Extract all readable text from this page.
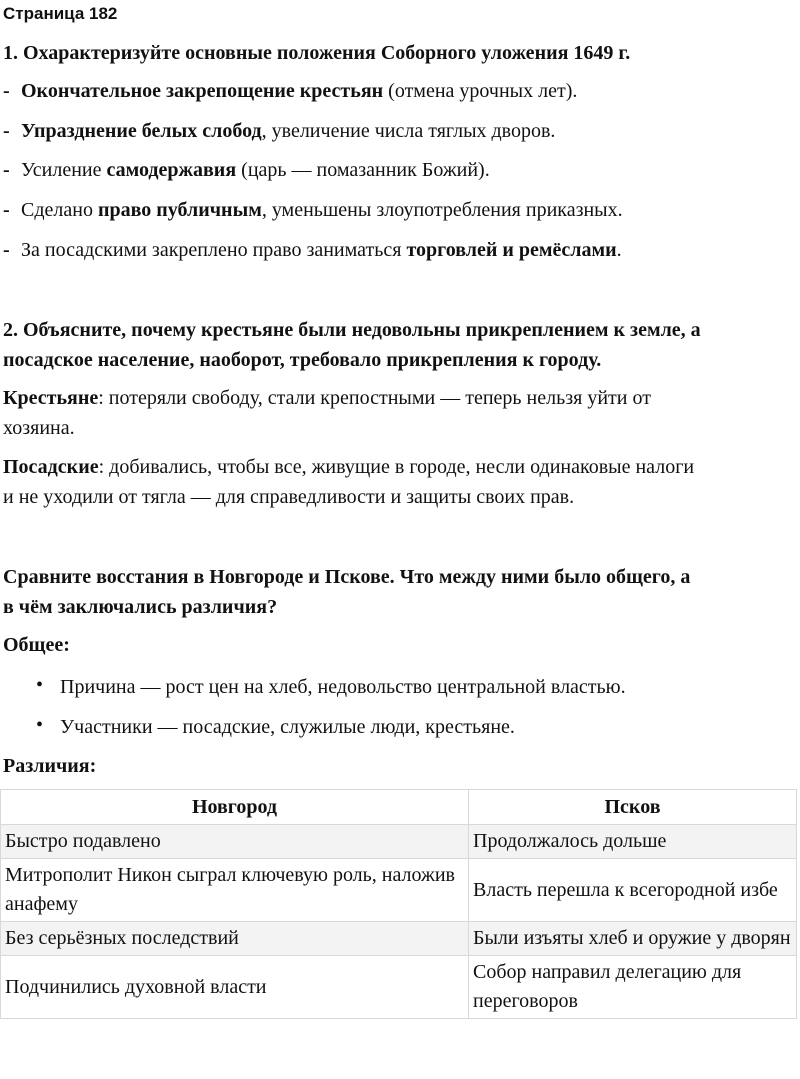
Страница 182
1. Охарактеризуйте основные положения Соборного уложения 1649 г.
- Окончательное закрепощение крестьян (отмена урочных лет).
- Упразднение белых слобод, увеличение числа тяглых дворов.
- Усиление самодержавия (царь — помазанник Божий).
- Сделано право публичным, уменьшены злоупотребления приказных.
- За посадскими закреплено право заниматься торговлей и ремёслами.
2. Объясните, почему крестьяне были недовольны прикреплением к земле, а
посадское население, наоборот, требовало прикрепления к городу.
Крестьяне: потеряли свободу, стали крепостными — теперь нельзя уйти от
хозяина.
Посадские: добивались, чтобы все, живущие в городе, несли одинаковые налоги
и не уходили от тягла — для справедливости и защиты своих прав.
Сравните восстания в Новгороде и Пскове. Что между ними было общего, а
в чём заключались различия?
Общее:
• Причина — рост цен на хлеб, недовольство центральной властью.
• Участники — посадские, служилые люди, крестьяне.
Различия:
Новгород	Псков
Быстро подавлено	Продолжалось дольше
Митрополит Никон сыграл ключевую роль, наложив анафему	Власть перешла к всегородной избе
Без серьёзных последствий	Были изъяты хлеб и оружие у дворян
Подчинились духовной власти	Собор направил делегацию для переговоров
